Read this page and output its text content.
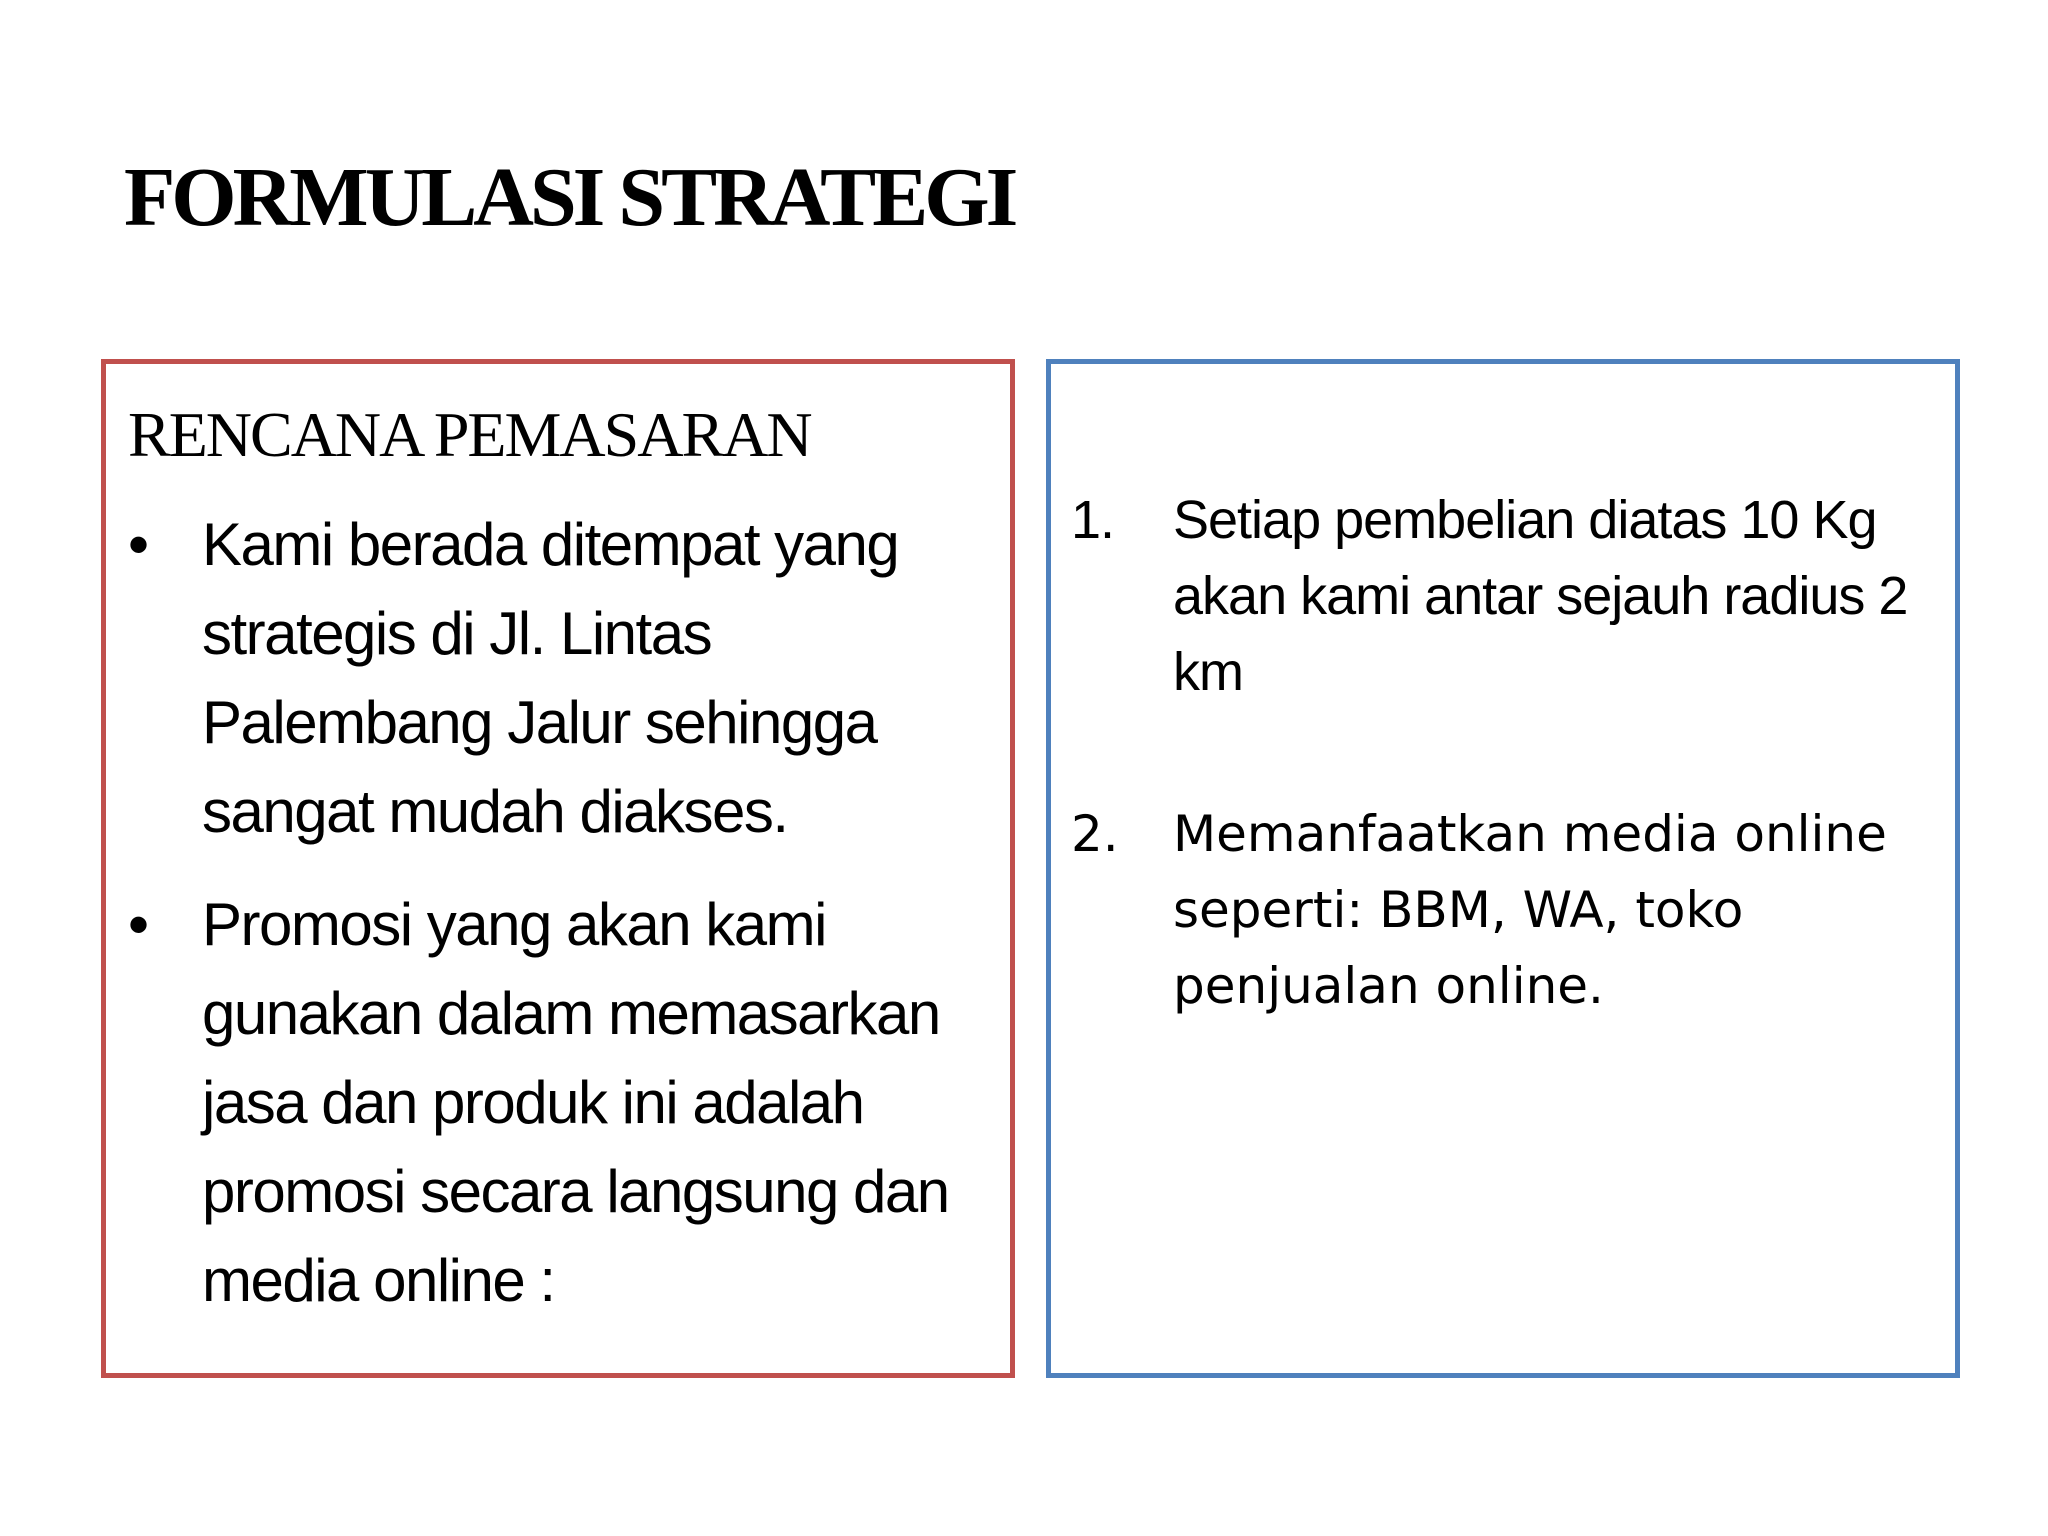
FORMULASI STRATEGI
RENCANA PEMASARAN
• Kami berada ditempat yang strategis di Jl. Lintas Palembang Jalur sehingga sangat mudah diakses.
• Promosi yang akan kami gunakan dalam memasarkan jasa dan produk ini adalah promosi secara langsung dan media online :
1. Setiap pembelian diatas 10 Kg akan kami antar sejauh radius 2 km
2. Memanfaatkan media online seperti: BBM, WA, toko penjualan online.
